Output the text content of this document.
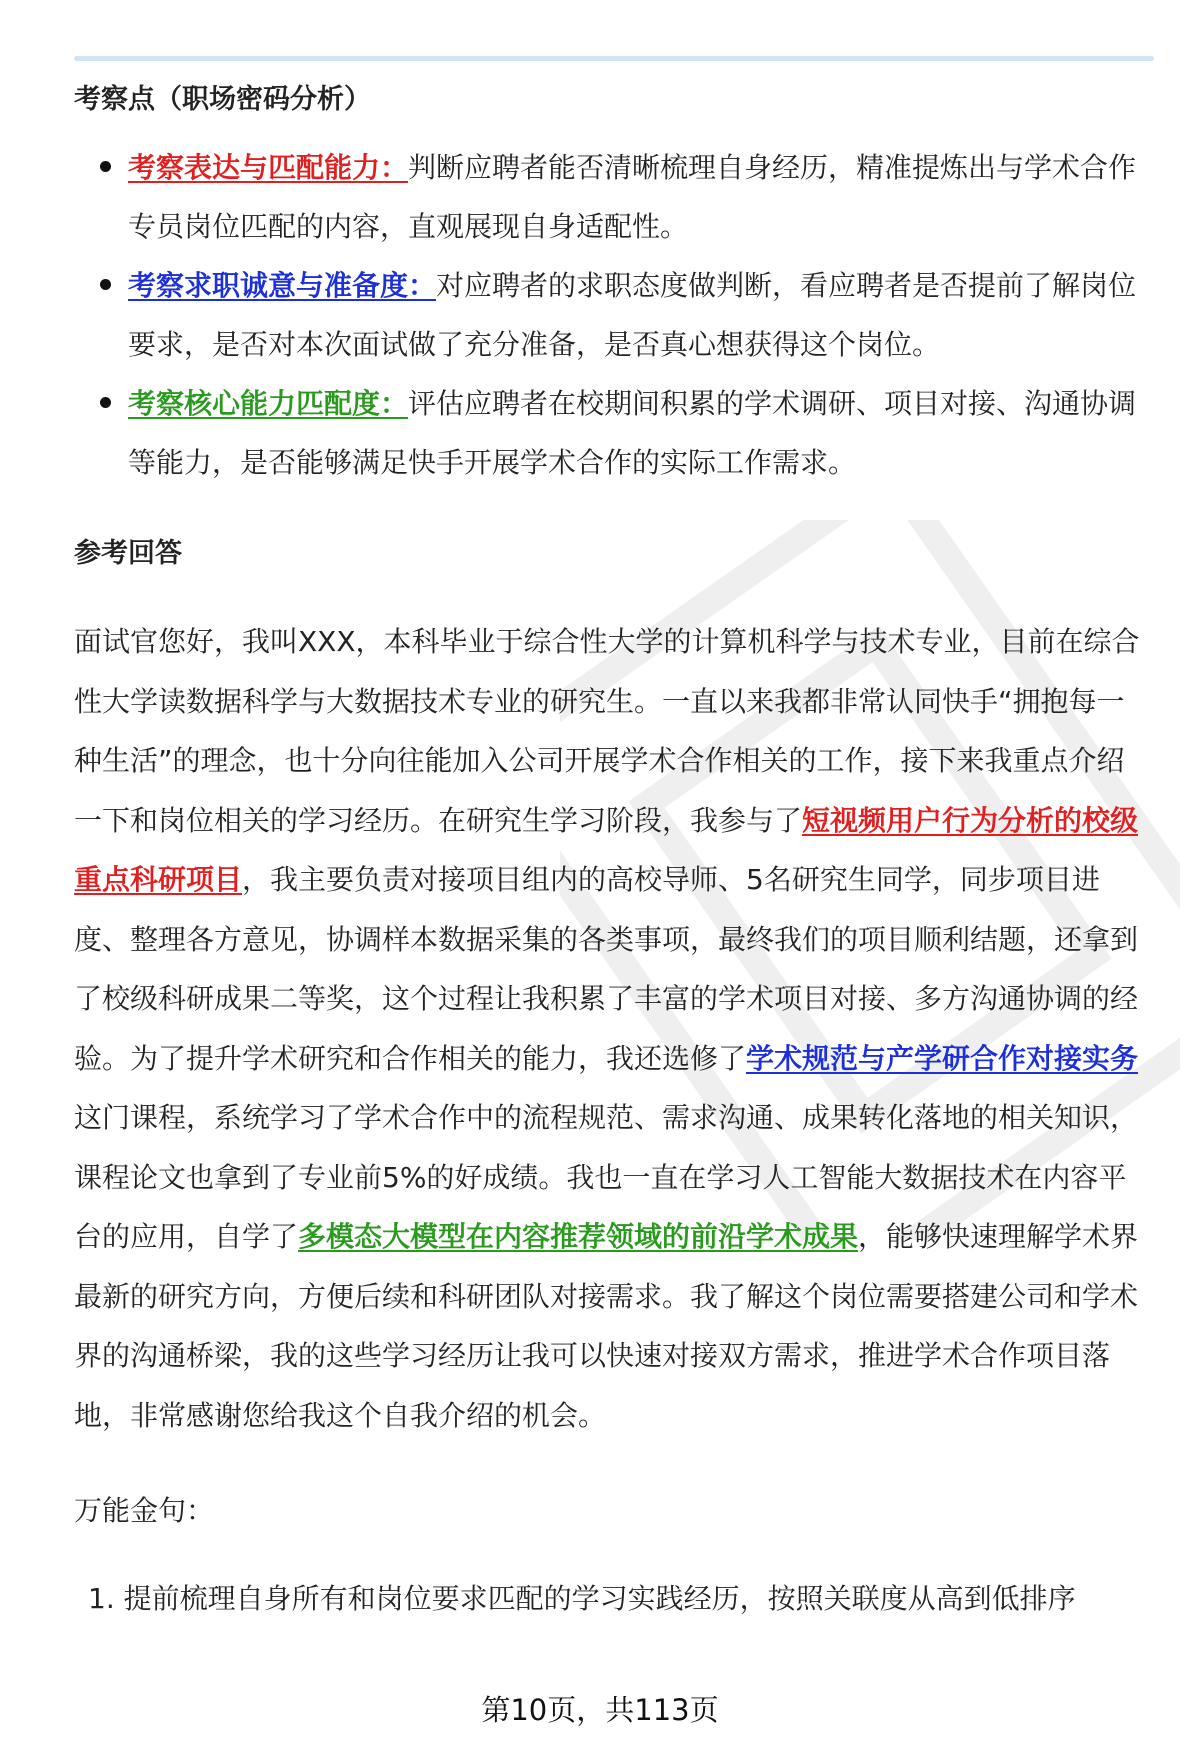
考察点（职场密码分析）
考察表达与匹配能力：判断应聘者能否清晰梳理自身经历，精准提炼出与学术合作专员岗位匹配的内容，直观展现自身适配性。
考察求职诚意与准备度：对应聘者的求职态度做判断，看应聘者是否提前了解岗位要求，是否对本次面试做了充分准备，是否真心想获得这个岗位。
考察核心能力匹配度：评估应聘者在校期间积累的学术调研、项目对接、沟通协调等能力，是否能够满足快手开展学术合作的实际工作需求。
参考回答

面试官您好，我叫XXX，本科毕业于综合性大学的计算机科学与技术专业，目前在综合性大学读数据科学与大数据技术专业的研究生。一直以来我都非常认同快手“拥抱每一种生活”的理念，也十分向往能加入公司开展学术合作相关的工作，接下来我重点介绍一下和岗位相关的学习经历。在研究生学习阶段，我参与了短视频用户行为分析的校级重点科研项目，我主要负责对接项目组内的高校导师、5名研究生同学，同步项目进度、整理各方意见，协调样本数据采集的各类事项，最终我们的项目顺利结题，还拿到了校级科研成果二等奖，这个过程让我积累了丰富的学术项目对接、多方沟通协调的经验。为了提升学术研究和合作相关的能力，我还选修了学术规范与产学研合作对接实务这门课程，系统学习了学术合作中的流程规范、需求沟通、成果转化落地的相关知识，课程论文也拿到了专业前5%的好成绩。我也一直在学习人工智能大数据技术在内容平台的应用，自学了多模态大模型在内容推荐领域的前沿学术成果，能够快速理解学术界最新的研究方向，方便后续和科研团队对接需求。我了解这个岗位需要搭建公司和学术界的沟通桥梁，我的这些学习经历让我可以快速对接双方需求，推进学术合作项目落地，非常感谢您给我这个自我介绍的机会。

万能金句：

1. 提前梳理自身所有和岗位要求匹配的学习实践经历，按照关联度从高到低排序
第10页，共113页
